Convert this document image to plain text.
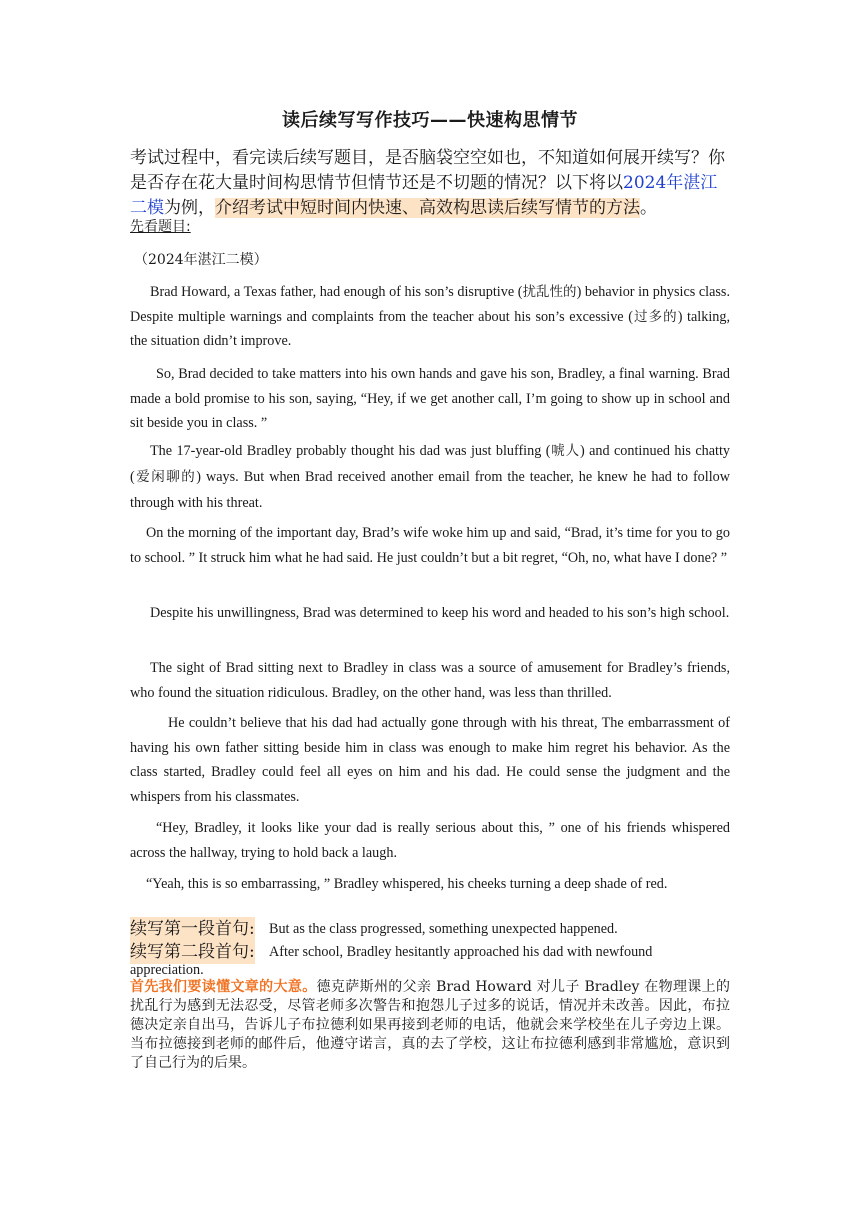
读后续写写作技巧——快速构思情节
考试过程中，看完读后续写题目，是否脑袋空空如也，不知道如何展开续写？你是否存在花大量时间构思情节但情节还是不切题的情况？以下将以2024年湛江二模为例，介绍考试中短时间内快速、高效构思读后续写情节的方法。
先看题目:
（2024年湛江二模）

Brad Howard, a Texas father, had enough of his son’s disruptive (扰乱性的) behavior in physics class. Despite multiple warnings and complaints from the teacher about his son’s excessive (过多的) talking, the situation didn’t improve.

So, Brad decided to take matters into his own hands and gave his son, Bradley, a final warning. Brad made a bold promise to his son, saying, “Hey, if we get another call, I’m going to show up in school and sit beside you in class. ”

The 17-year-old Bradley probably thought his dad was just bluffing (唬人) and continued his chatty (爱闲聊的) ways. But when Brad received another email from the teacher, he knew he had to follow through with his threat.

On the morning of the important day, Brad’s wife woke him up and said, “Brad, it’s time for you to go to school. ” It struck him what he had said. He just couldn’t but a bit regret, “Oh, no, what have I done? ”

Despite his unwillingness, Brad was determined to keep his word and headed to his son’s high school.

The sight of Brad sitting next to Bradley in class was a source of amusement for Bradley’s friends, who found the situation ridiculous. Bradley, on the other hand, was less than thrilled.

He couldn’t believe that his dad had actually gone through with his threat, The embarrassment of having his own father sitting beside him in class was enough to make him regret his behavior. As the class started, Bradley could feel all eyes on him and his dad. He could sense the judgment and the whispers from his classmates.

“Hey, Bradley, it looks like your dad is really serious about this, ” one of his friends whispered across the hallway, trying to hold back a laugh.

“Yeah, this is so embarrassing, ” Bradley whispered, his cheeks turning a deep shade of red.

续写第一段首句: But as the class progressed, something unexpected happened.
续写第二段首句: After school, Bradley hesitantly approached his dad with newfound
appreciation.

首先我们要读懂文章的大意。德克萨斯州的父亲 Brad Howard 对儿子 Bradley 在物理课上的扰乱行为感到无法忍受，尽管老师多次警告和抱怨儿子过多的说话，情况并未改善。因此，布拉德决定亲自出马，告诉儿子布拉德利如果再接到老师的电话，他就会来学校坐在儿子旁边上课。当布拉德接到老师的邮件后，他遵守诺言，真的去了学校，这让布拉德利感到非常尴尬，意识到了自己行为的后果。
